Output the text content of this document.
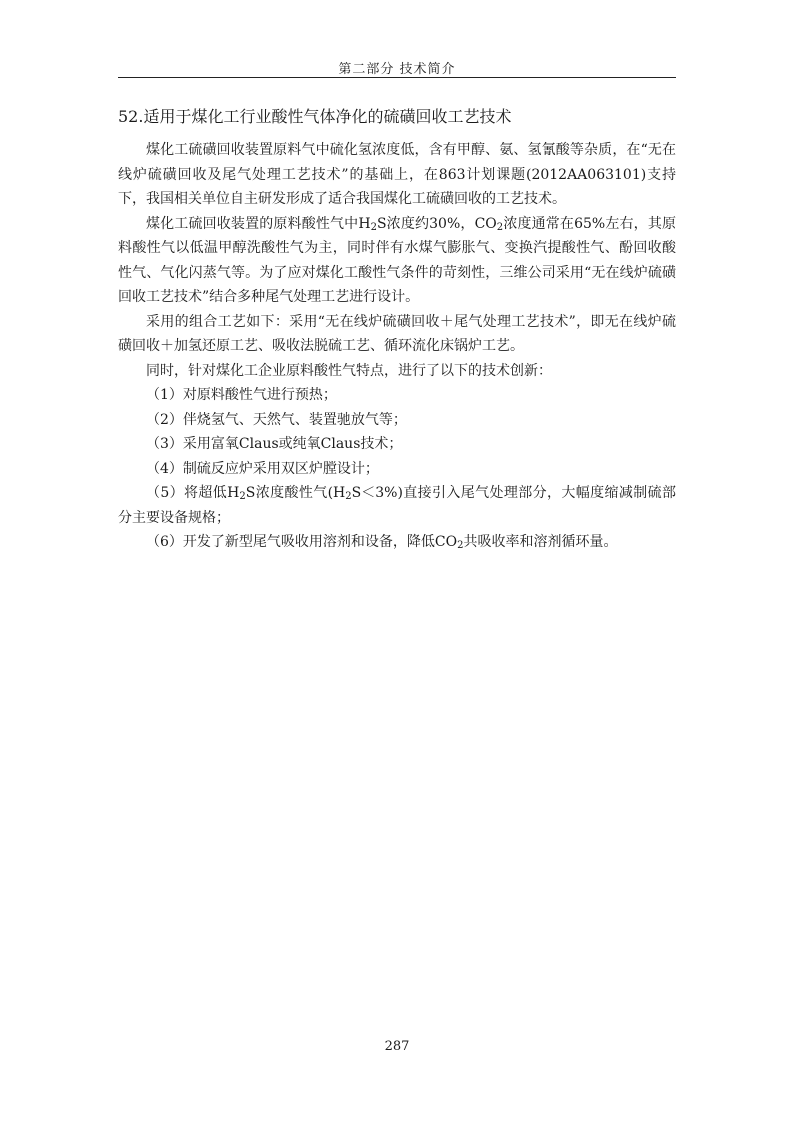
第二部分 技术简介
52.适用于煤化工行业酸性气体净化的硫磺回收工艺技术

煤化工硫磺回收装置原料气中硫化氢浓度低，含有甲醇、氨、氢氰酸等杂质，在“无在线炉硫磺回收及尾气处理工艺技术”的基础上，在863计划课题(2012AA063101)支持下，我国相关单位自主研发形成了适合我国煤化工硫磺回收的工艺技术。

煤化工硫回收装置的原料酸性气中$H_2S$浓度约30%，$CO_2$浓度通常在65%左右，其原料酸性气以低温甲醇洗酸性气为主，同时伴有水煤气膨胀气、变换汽提酸性气、酚回收酸性气、气化闪蒸气等。为了应对煤化工酸性气条件的苛刻性，三维公司采用“无在线炉硫磺回收工艺技术”结合多种尾气处理工艺进行设计。

采用的组合工艺如下：采用“无在线炉硫磺回收＋尾气处理工艺技术”，即无在线炉硫磺回收＋加氢还原工艺、吸收法脱硫工艺、循环流化床锅炉工艺。

同时，针对煤化工企业原料酸性气特点，进行了以下的技术创新：

（1）对原料酸性气进行预热；

（2）伴烧氢气、天然气、装置驰放气等；

（3）采用富氧Claus或纯氧Claus技术；

（4）制硫反应炉采用双区炉膛设计；

（5）将超低$H_2S$浓度酸性气$(H_2S<3\%)$直接引入尾气处理部分，大幅度缩减制硫部分主要设备规格；

（6）开发了新型尾气吸收用溶剂和设备，降低$CO_2$共吸收率和溶剂循环量。

287
